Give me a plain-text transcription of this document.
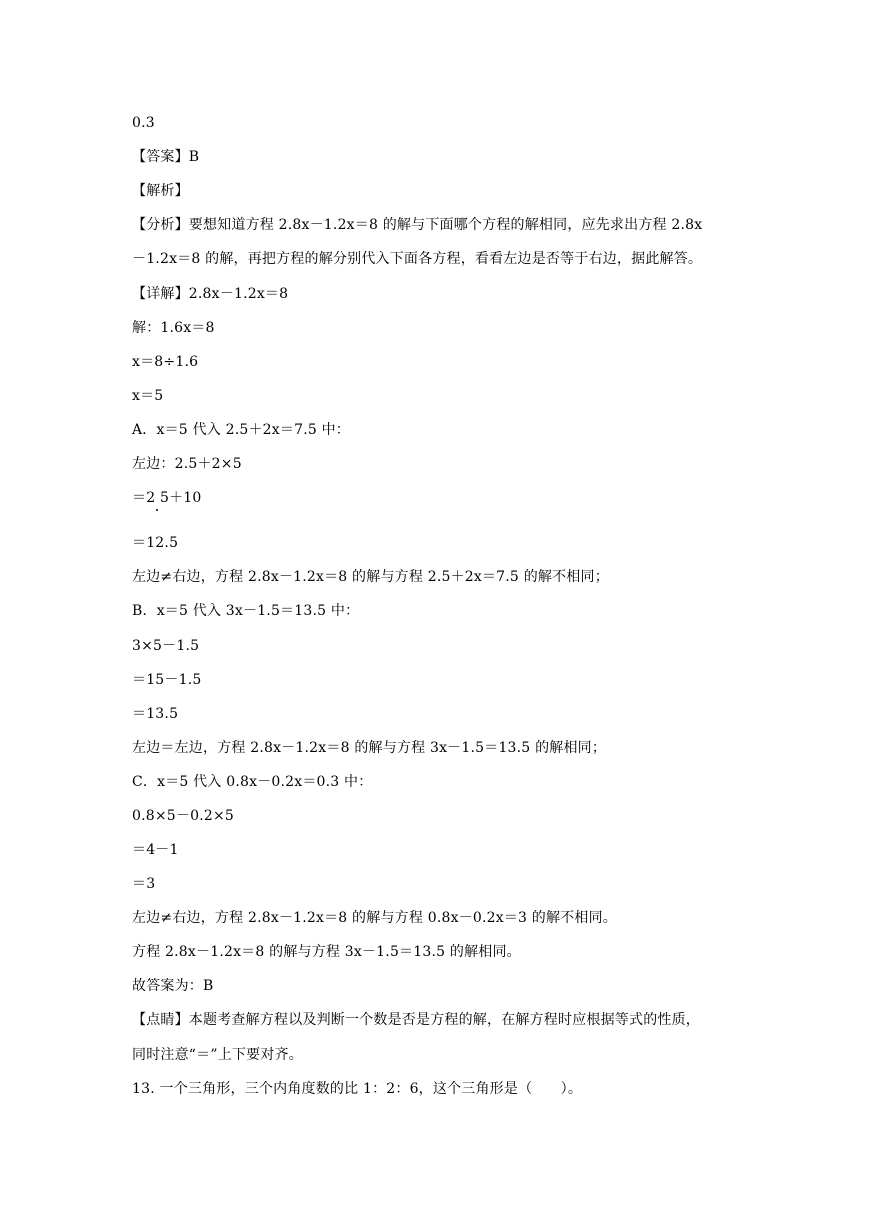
0.3
【答案】B
【解析】
【分析】要想知道方程 2.8x－1.2x＝8 的解与下面哪个方程的解相同，应先求出方程 2.8x
－1.2x＝8 的解，再把方程的解分别代入下面各方程，看看左边是否等于右边，据此解答。
【详解】2.8x－1.2x＝8
解：1.6x＝8
x＝8÷1.6
x＝5
A．x＝5 代入 2.5＋2x＝7.5 中：
左边：2.5＋2×5
＝2 5＋10
＝12.5
左边≠右边，方程 2.8x－1.2x＝8 的解与方程 2.5＋2x＝7.5 的解不相同；
B．x＝5 代入 3x－1.5＝13.5 中：
3×5－1.5
＝15－1.5
＝13.5
左边＝左边，方程 2.8x－1.2x＝8 的解与方程 3x－1.5＝13.5 的解相同；
C．x＝5 代入 0.8x－0.2x＝0.3 中：
0.8×5－0.2×5
＝4－1
＝3
左边≠右边，方程 2.8x－1.2x＝8 的解与方程 0.8x－0.2x＝3 的解不相同。
方程 2.8x－1.2x＝8 的解与方程 3x－1.5＝13.5 的解相同。
故答案为：B
【点睛】本题考查解方程以及判断一个数是否是方程的解，在解方程时应根据等式的性质，
同时注意“＝”上下要对齐。
13. 一个三角形，三个内角度数的比 1：2：6，这个三角形是（　　）。
